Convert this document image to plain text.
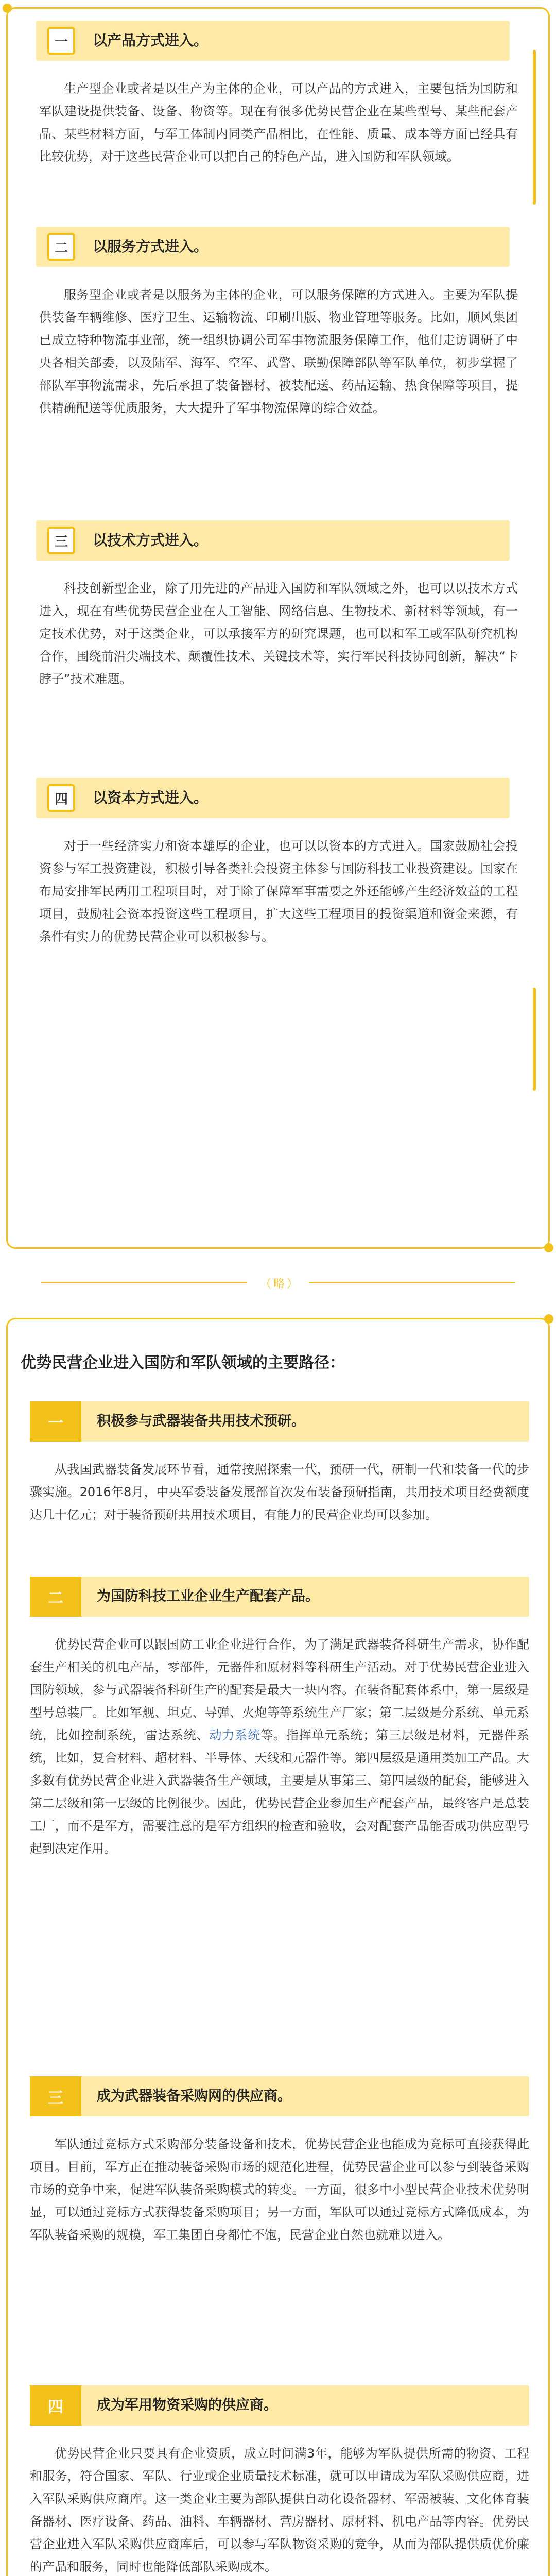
一	以产品方式进入。

生产型企业或者是以生产为主体的企业，可以产品的方式进入，主要包括为国防和军队建设提供装备、设备、物资等。现在有很多优势民营企业在某些型号、某些配套产品、某些材料方面，与军工体制内同类产品相比，在性能、质量、成本等方面已经具有比较优势，对于这些民营企业可以把自己的特色产品，进入国防和军队领域。

二	以服务方式进入。

服务型企业或者是以服务为主体的企业，可以服务保障的方式进入。主要为军队提供装备车辆维修、医疗卫生、运输物流、印刷出版、物业管理等服务。比如，顺风集团已成立特种物流事业部，统一组织协调公司军事物流服务保障工作，他们走访调研了中央各相关部委，以及陆军、海军、空军、武警、联勤保障部队等军队单位，初步掌握了部队军事物流需求，先后承担了装备器材、被装配送、药品运输、热食保障等项目，提供精确配送等优质服务，大大提升了军事物流保障的综合效益。

三	以技术方式进入。

科技创新型企业，除了用先进的产品进入国防和军队领域之外，也可以以技术方式进入，现在有些优势民营企业在人工智能、网络信息、生物技术、新材料等领域，有一定技术优势，对于这类企业，可以承接军方的研究课题，也可以和军工或军队研究机构合作，围绕前沿尖端技术、颠覆性技术、关键技术等，实行军民科技协同创新，解决“卡脖子”技术难题。

四	以资本方式进入。

对于一些经济实力和资本雄厚的企业，也可以以资本的方式进入。国家鼓励社会投资参与军工投资建设，积极引导各类社会投资主体参与国防科技工业投资建设。国家在布局安排军民两用工程项目时，对于除了保障军事需要之外还能够产生经济效益的工程项目，鼓励社会资本投资这些工程项目，扩大这些工程项目的投资渠道和资金来源，有条件有实力的优势民营企业可以积极参与。

（略）
优势民营企业进入国防和军队领域的主要路径：
一	积极参与武器装备共用技术预研。

从我国武器装备发展环节看，通常按照探索一代，预研一代，研制一代和装备一代的步骤实施。2016年8月，中央军委装备发展部首次发布装备预研指南，共用技术项目经费额度达几十亿元；对于装备预研共用技术项目，有能力的民营企业均可以参加。

二	为国防科技工业企业生产配套产品。

优势民营企业可以跟国防工业企业进行合作，为了满足武器装备科研生产需求，协作配套生产相关的机电产品，零部件，元器件和原材料等科研生产活动。对于优势民营企业进入国防领域，参与武器装备科研生产的配套是最大一块内容。在装备配套体系中，第一层级是型号总装厂。比如军舰、坦克、导弹、火炮等等系统生产厂家；第二层级是分系统、单元系统，比如控制系统，雷达系统、动力系统等。指挥单元系统；第三层级是材料，元器件系统，比如，复合材料、超材料、半导体、天线和元器件等。第四层级是通用类加工产品。大多数有优势民营企业进入武器装备生产领域，主要是从事第三、第四层级的配套，能够进入第二层级和第一层级的比例很少。因此，优势民营企业参加生产配套产品，最终客户是总装工厂，而不是军方，需要注意的是军方组织的检查和验收，会对配套产品能否成功供应型号起到决定作用。

三	成为武器装备采购网的供应商。

军队通过竞标方式采购部分装备设备和技术，优势民营企业也能成为竞标可直接获得此项目。目前，军方正在推动装备采购市场的规范化进程，优势民营企业可以参与到装备采购市场的竞争中来，促进军队装备采购模式的转变。一方面，很多中小型民营企业技术优势明显，可以通过竞标方式获得装备采购项目；另一方面，军队可以通过竞标方式降低成本，为军队装备采购的规模，军工集团自身都忙不饱，民营企业自然也就难以进入。

四	成为军用物资采购的供应商。

优势民营企业只要具有企业资质，成立时间满3年，能够为军队提供所需的物资、工程和服务，符合国家、军队、行业或企业质量技术标准，就可以申请成为军队采购供应商，进入军队采购供应商库。这一类企业主要为部队提供自动化设备器材、军需被装、文化体育装备器材、医疗设备、药品、油料、车辆器材、营房器材、原材料、机电产品等内容。优势民营企业进入军队采购供应商库后，可以参与军队物资采购的竞争，从而为部队提供质优价廉的产品和服务，同时也能降低部队采购成本。
